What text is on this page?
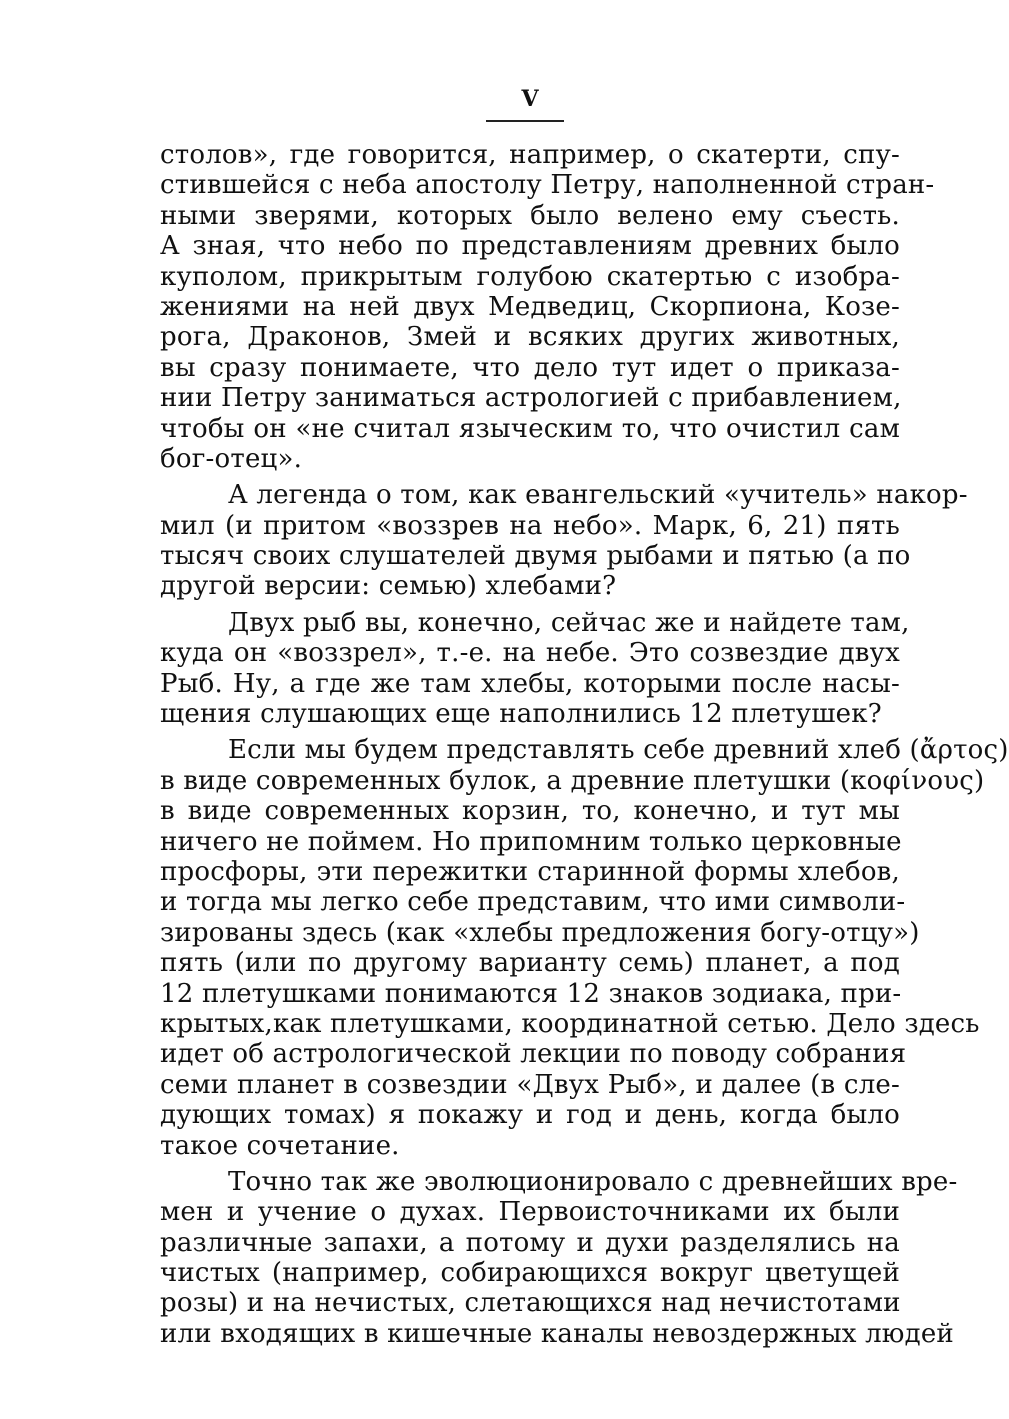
V
столов», где говорится, например, о скатерти, спу-
стившейся с неба апостолу Петру, наполненной стран-
ными зверями, которых было велено ему съесть.
А зная, что небо по представлениям древних было
куполом, прикрытым голубою скатертью с изобра-
жениями на ней двух Медведиц, Скорпиона, Козе-
рога, Драконов, Змей и всяких других животных,
вы сразу понимаете, что дело тут идет о приказа-
нии Петру заниматься астрологией с прибавлением,
чтобы он «не считал языческим то, что очистил сам
бог-отец».
А легенда о том, как евангельский «учитель» накор-
мил (и притом «воззрев на небо». Марк, 6, 21) пять
тысяч своих слушателей двумя рыбами и пятью (а по
другой версии: семью) хлебами?
Двух рыб вы, конечно, сейчас же и найдете там,
куда он «воззрел», т.-е. на небе. Это созвездие двух
Рыб. Ну, а где же там хлебы, которыми после насы-
щения слушающих еще наполнились 12 плетушек?
Если мы будем представлять себе древний хлеб (ἄρτος)
в виде современных булок, а древние плетушки (κοφίνους)
в виде современных корзин, то, конечно, и тут мы
ничего не поймем. Но припомним только церковные
просфоры, эти пережитки старинной формы хлебов,
и тогда мы легко себе представим, что ими символи-
зированы здесь (как «хлебы предложения богу-отцу»)
пять (или по другому варианту семь) планет, а под
12 плетушками понимаются 12 знаков зодиака, при-
крытых,как плетушками, координатной сетью. Дело здесь
идет об астрологической лекции по поводу собрания
семи планет в созвездии «Двух Рыб», и далее (в сле-
дующих томах) я покажу и год и день, когда было
такое сочетание.
Точно так же эволюционировало с древнейших вре-
мен и учение о духах. Первоисточниками их были
различные запахи, а потому и духи разделялись на
чистых (например, собирающихся вокруг цветущей
розы) и на нечистых, слетающихся над нечистотами
или входящих в кишечные каналы невоздержных людей
